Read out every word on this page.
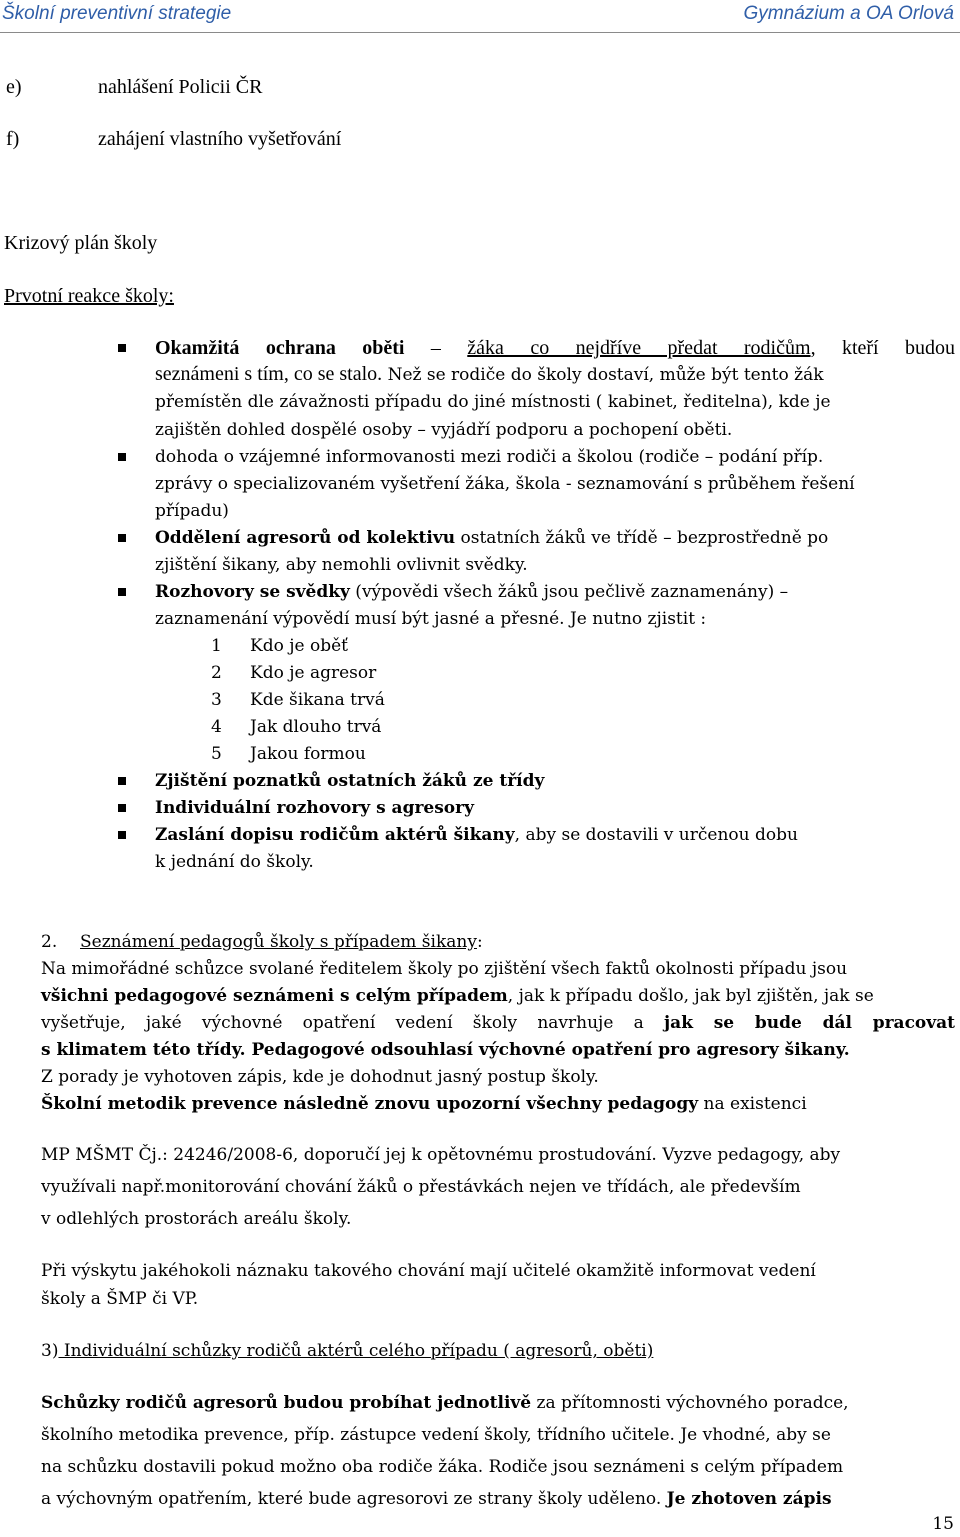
Školní preventivní strategie	Gymnázium a OA Orlová
e)	nahlášení Policii ČR
f)	zahájení vlastního vyšetřování
Krizový plán školy
Prvotní reakce školy:
Okamžitá ochrana oběti – žáka co nejdříve předat rodičům, kteří budou
seznámeni s tím, co se stalo. Než se rodiče do školy dostaví, může být tento žák
přemístěn dle závažnosti případu do jiné místnosti ( kabinet, ředitelna), kde je
zajištěn dohled dospělé osoby – vyjádří podporu a pochopení oběti.
dohoda o vzájemné informovanosti mezi rodiči a školou (rodiče – podání příp.
zprávy o specializovaném vyšetření žáka, škola - seznamování s průběhem řešení
případu)
Oddělení agresorů od kolektivu ostatních žáků ve třídě – bezprostředně po
zjištění šikany, aby nemohli ovlivnit svědky.
Rozhovory se svědky (výpovědi všech žáků jsou pečlivě zaznamenány) –
zaznamenání výpovědí musí být jasné a přesné. Je nutno zjistit :
1 Kdo je oběť
2 Kdo je agresor
3 Kde šikana trvá
4 Jak dlouho trvá
5 Jakou formou
Zjištění poznatků ostatních žáků ze třídy
Individuální rozhovory s agresory
Zaslání dopisu rodičům aktérů šikany, aby se dostavili v určenou dobu
k jednání do školy.
2. Seznámení pedagogů školy s případem šikany:
Na mimořádné schůzce svolané ředitelem školy po zjištění všech faktů okolnosti případu jsou
všichni pedagogové seznámeni s celým případem, jak k případu došlo, jak byl zjištěn, jak se
vyšetřuje, jaké výchovné opatření vedení školy navrhuje a jak se bude dál pracovat
s klimatem této třídy. Pedagogové odsouhlasí výchovné opatření pro agresory šikany.
Z porady je vyhotoven zápis, kde je dohodnut jasný postup školy.
Školní metodik prevence následně znovu upozorní všechny pedagogy na existenci
MP MŠMT Čj.: 24246/2008-6, doporučí jej k opětovnému prostudování. Vyzve pedagogy, aby
využívali např.monitorování chování žáků o přestávkách nejen ve třídách, ale především
v odlehlých prostorách areálu školy.
Při výskytu jakéhokoli náznaku takového chování mají učitelé okamžitě informovat vedení
školy a ŠMP či VP.
3) Individuální schůzky rodičů aktérů celého případu ( agresorů, oběti)
Schůzky rodičů agresorů budou probíhat jednotlivě za přítomnosti výchovného poradce,
školního metodika prevence, příp. zástupce vedení školy, třídního učitele. Je vhodné, aby se
na schůzku dostavili pokud možno oba rodiče žáka. Rodiče jsou seznámeni s celým případem
a výchovným opatřením, které bude agresorovi ze strany školy uděleno. Je zhotoven zápis
15
